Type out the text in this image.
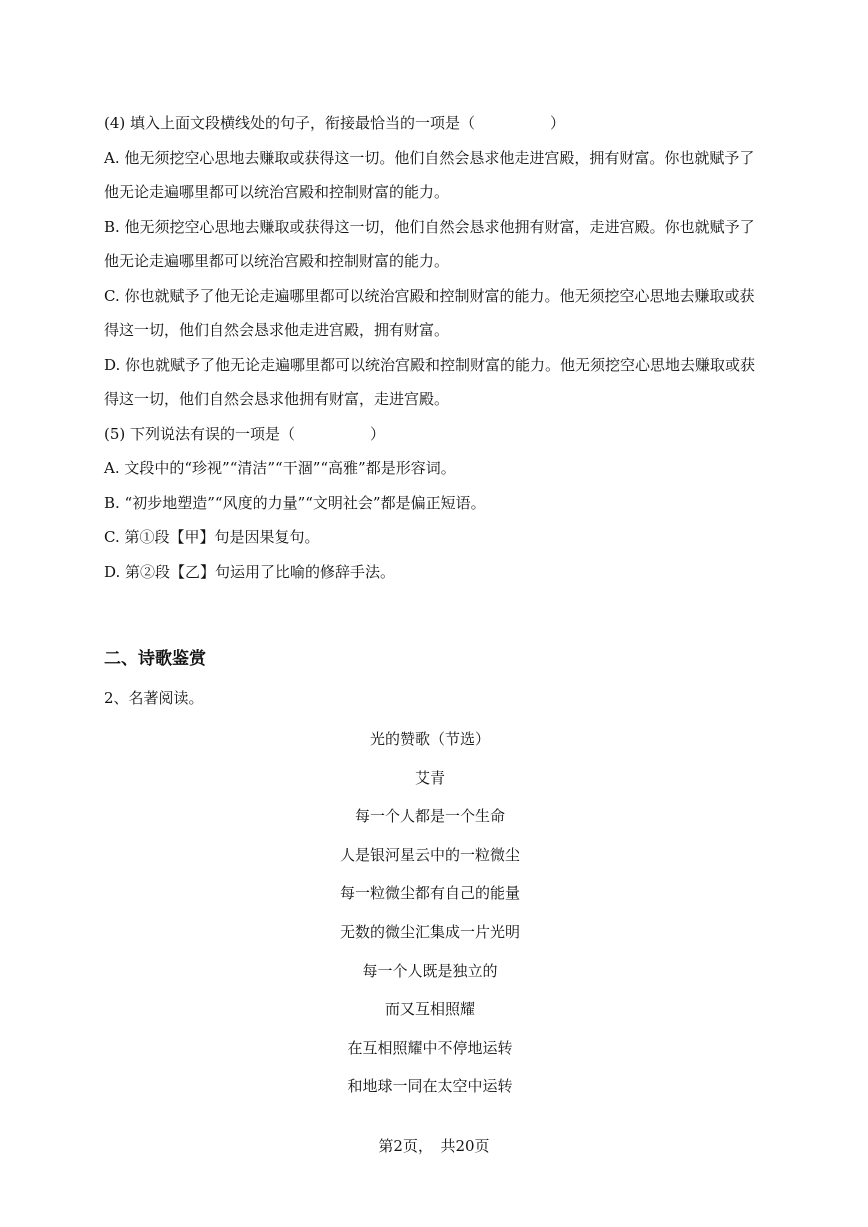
(4) 填入上面文段横线处的句子，衔接最恰当的一项是（　　　　　）

A. 他无须挖空心思地去赚取或获得这一切。他们自然会恳求他走进宫殿，拥有财富。你也就赋予了他无论走遍哪里都可以统治宫殿和控制财富的能力。

B. 他无须挖空心思地去赚取或获得这一切，他们自然会恳求他拥有财富，走进宫殿。你也就赋予了他无论走遍哪里都可以统治宫殿和控制财富的能力。

C. 你也就赋予了他无论走遍哪里都可以统治宫殿和控制财富的能力。他无须挖空心思地去赚取或获得这一切，他们自然会恳求他走进宫殿，拥有财富。

D. 你也就赋予了他无论走遍哪里都可以统治宫殿和控制财富的能力。他无须挖空心思地去赚取或获得这一切，他们自然会恳求他拥有财富，走进宫殿。

(5) 下列说法有误的一项是（　　　　　）

A. 文段中的“珍视”“清洁”“干涸”“高雅”都是形容词。

B. “初步地塑造”“风度的力量”“文明社会”都是偏正短语。

C. 第①段【甲】句是因果复句。

D. 第②段【乙】句运用了比喻的修辞手法。

二、诗歌鉴赏
2、名著阅读。
光的赞歌（节选）
艾青
每一个人都是一个生命
人是银河星云中的一粒微尘
每一粒微尘都有自己的能量
无数的微尘汇集成一片光明
每一个人既是独立的
而又互相照耀
在互相照耀中不停地运转
和地球一同在太空中运转
第2页，　共20页
